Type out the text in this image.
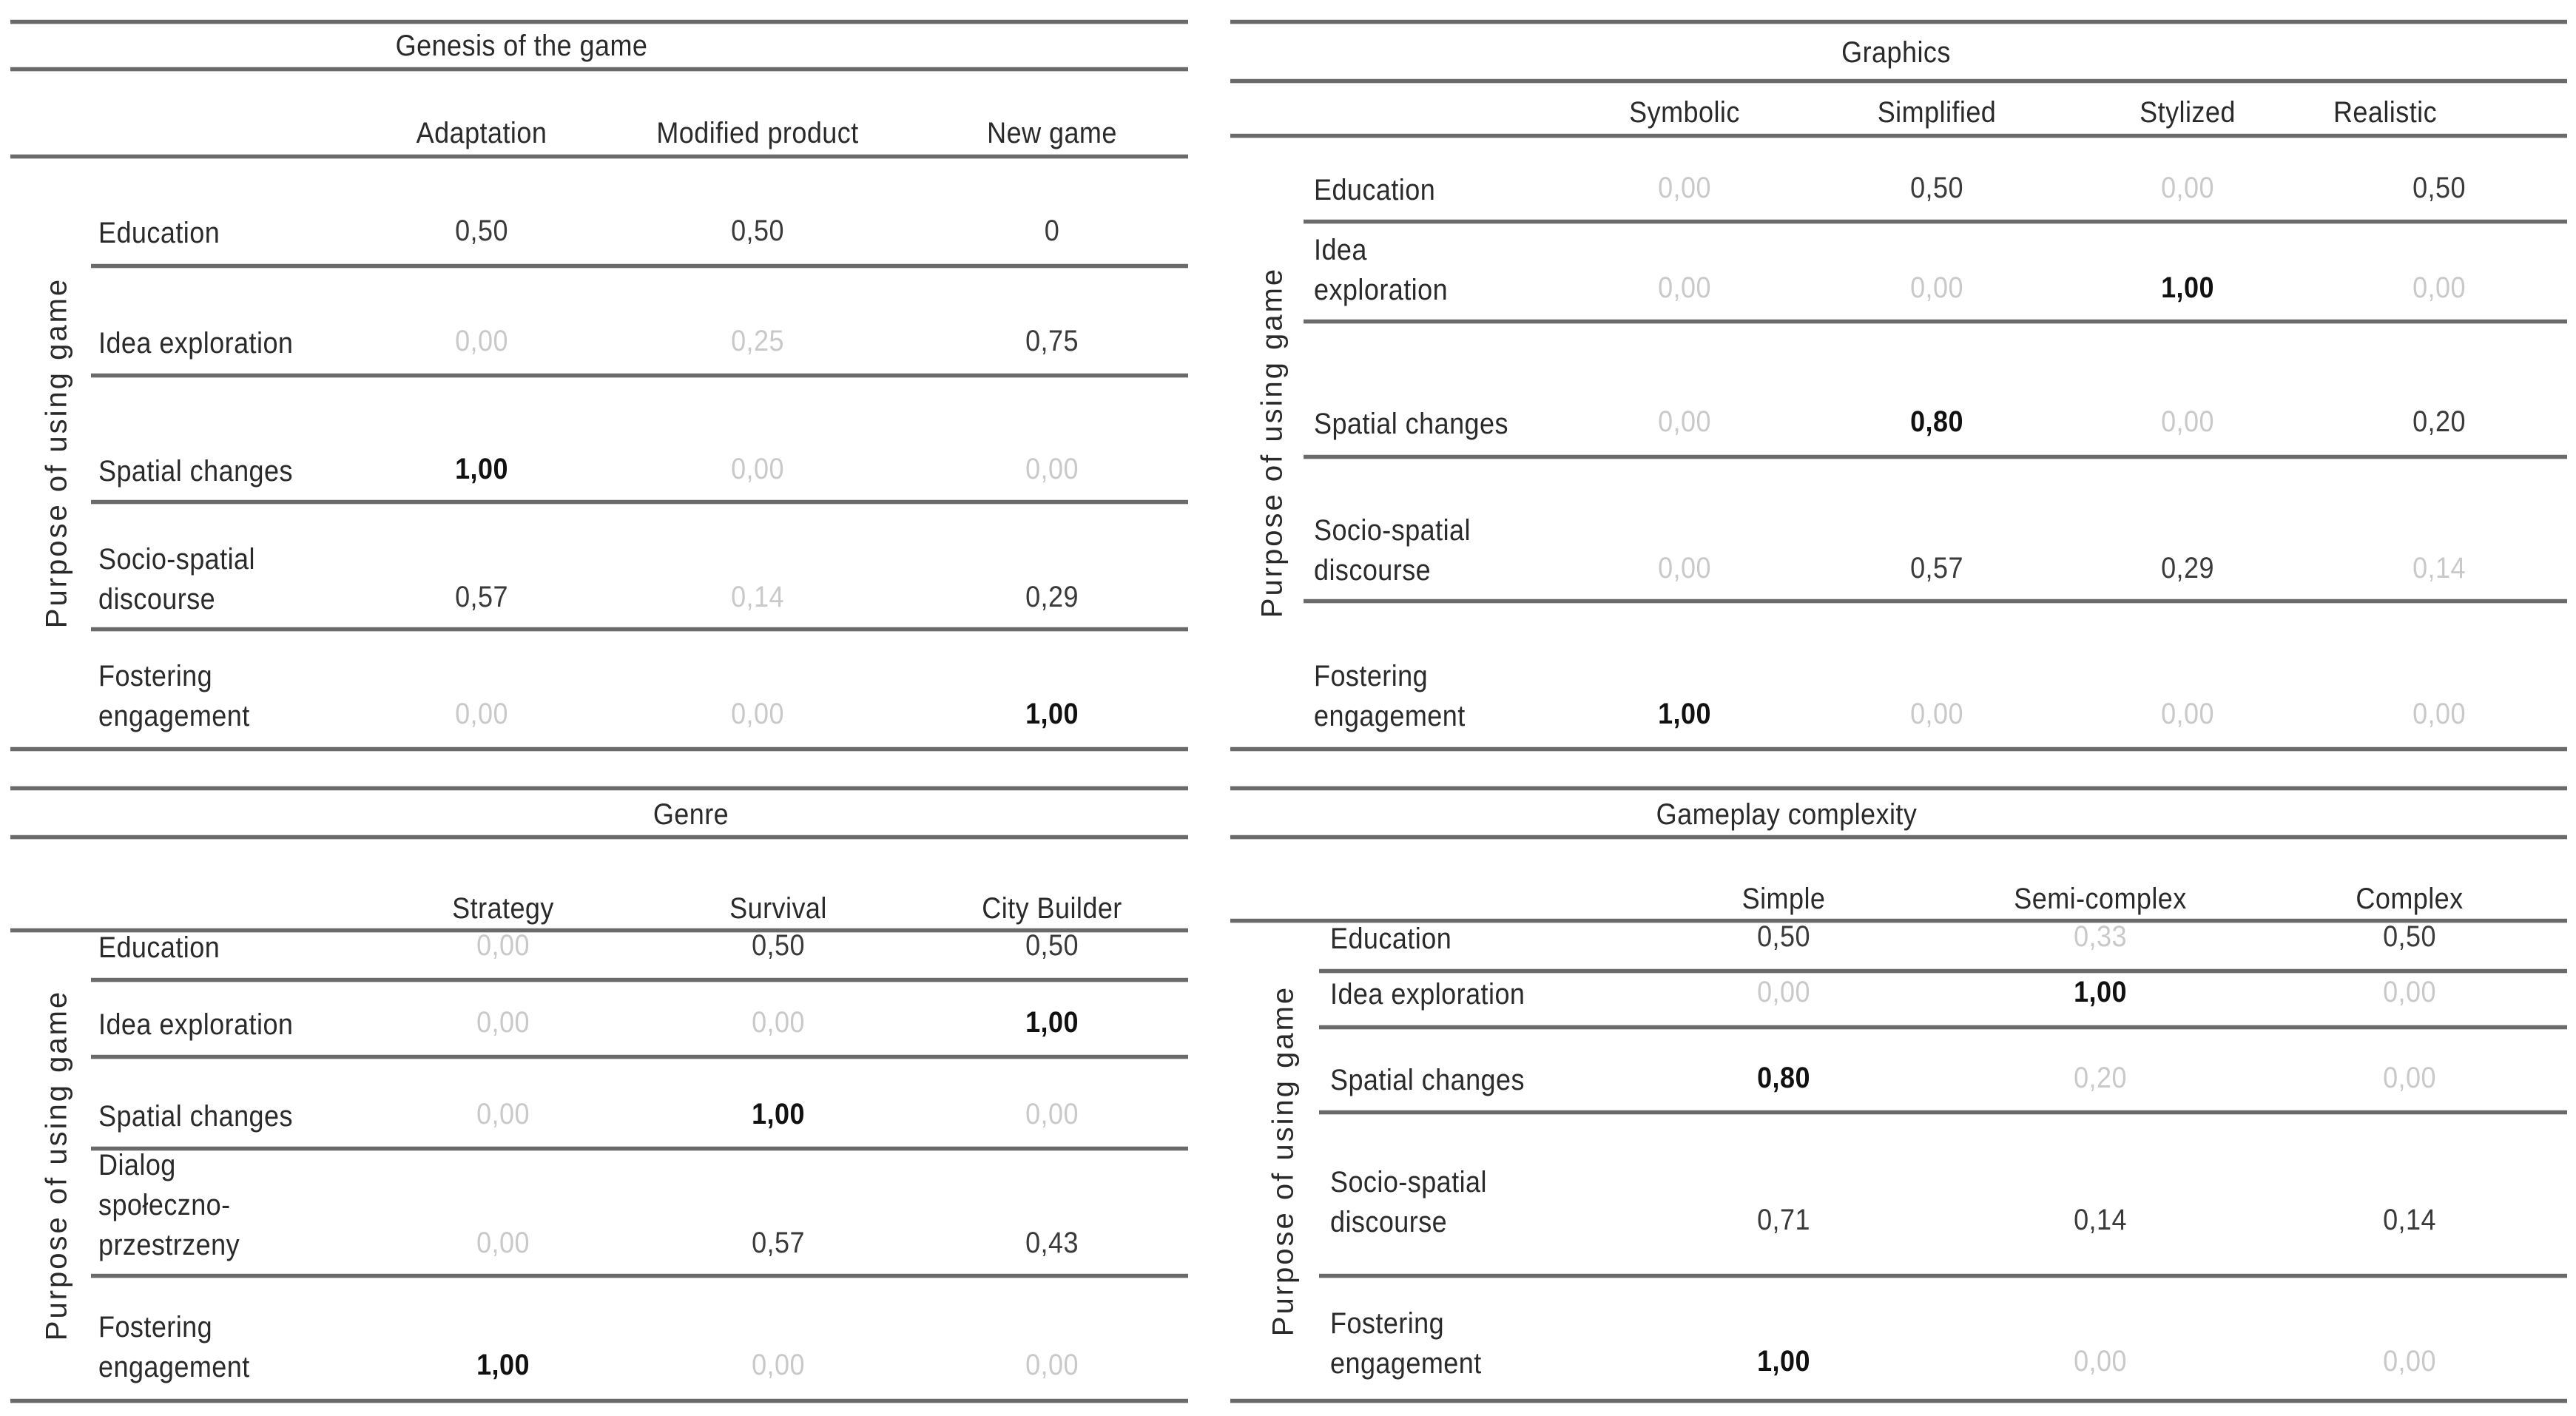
Genesis of the game
Adaptation	Modified product	New game
Purpose of using game
Education	0,50	0,50	0
Idea exploration	0,00	0,25	0,75
Spatial changes	1,00	0,00	0,00
Socio-spatial
discourse	0,57	0,14	0,29
Fostering
engagement	0,00	0,00	1,00
Graphics
Symbolic	Simplified	Stylized	Realistic
Purpose of using game
Education	0,00	0,50	0,00	0,50
Idea
exploration	0,00	0,00	1,00	0,00
Spatial changes	0,00	0,80	0,00	0,20
Socio-spatial
discourse	0,00	0,57	0,29	0,14
Fostering
engagement	1,00	0,00	0,00	0,00
Genre
Strategy	Survival	City Builder
Purpose of using game
Education	0,00	0,50	0,50
Idea exploration	0,00	0,00	1,00
Spatial changes	0,00	1,00	0,00
Dialog
społeczno-
przestrzeny	0,00	0,57	0,43
Fostering
engagement	1,00	0,00	0,00
Gameplay complexity
Simple	Semi-complex	Complex
Purpose of using game
Education	0,50	0,33	0,50
Idea exploration	0,00	1,00	0,00
Spatial changes	0,80	0,20	0,00
Socio-spatial
discourse	0,71	0,14	0,14
Fostering
engagement	1,00	0,00	0,00
